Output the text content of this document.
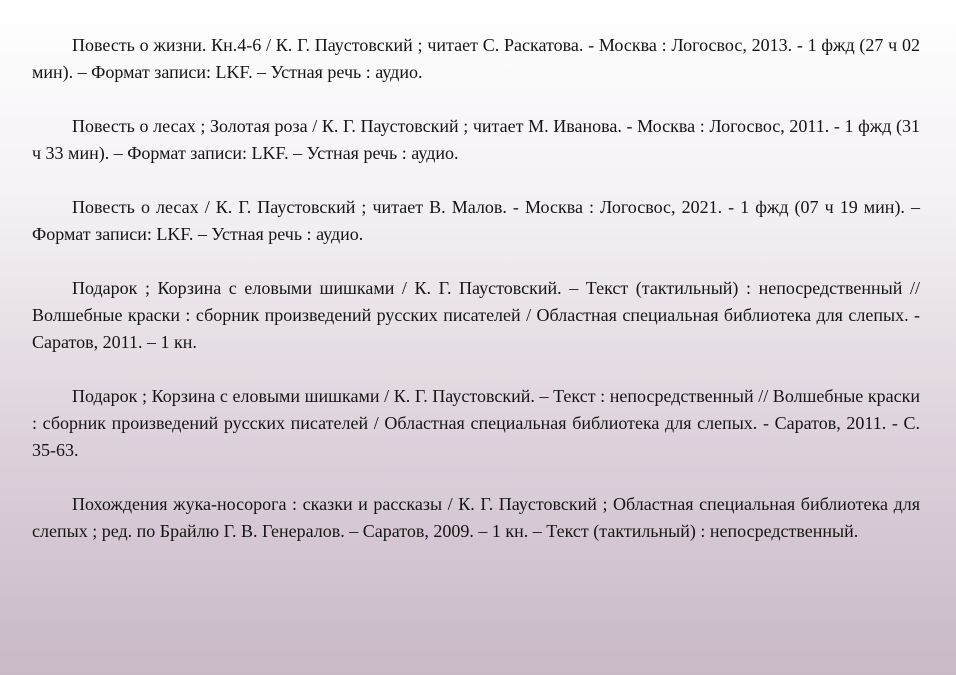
Повесть о жизни. Кн.4-6 / К. Г. Паустовский ; читает С. Раскатова. - Москва : Логосвос, 2013. - 1 фжд (27 ч 02 мин). – Формат записи: LKF. – Устная речь : аудио.

Повесть о лесах ; Золотая роза / К. Г. Паустовский ; читает М. Иванова. - Москва : Логосвос, 2011. - 1 фжд (31 ч 33 мин). – Формат записи: LKF. – Устная речь : аудио.

Повесть о лесах / К. Г. Паустовский ; читает В. Малов. - Москва : Логосвос, 2021. - 1 фжд (07 ч 19 мин). – Формат записи: LKF. – Устная речь : аудио.

Подарок ; Корзина с еловыми шишками / К. Г. Паустовский. – Текст (тактильный) : непосредственный // Волшебные краски : сборник произведений русских писателей / Областная специальная библиотека для слепых. - Саратов, 2011. – 1 кн.

Подарок ; Корзина с еловыми шишками / К. Г. Паустовский. – Текст : непосредственный // Волшебные краски : сборник произведений русских писателей / Областная специальная библиотека для слепых. - Саратов, 2011. - С. 35-63.

Похождения жука-носорога : сказки и рассказы / К. Г. Паустовский ; Областная специальная библиотека для слепых ; ред. по Брайлю Г. В. Генералов. – Саратов, 2009. – 1 кн. – Текст (тактильный) : непосредственный.
